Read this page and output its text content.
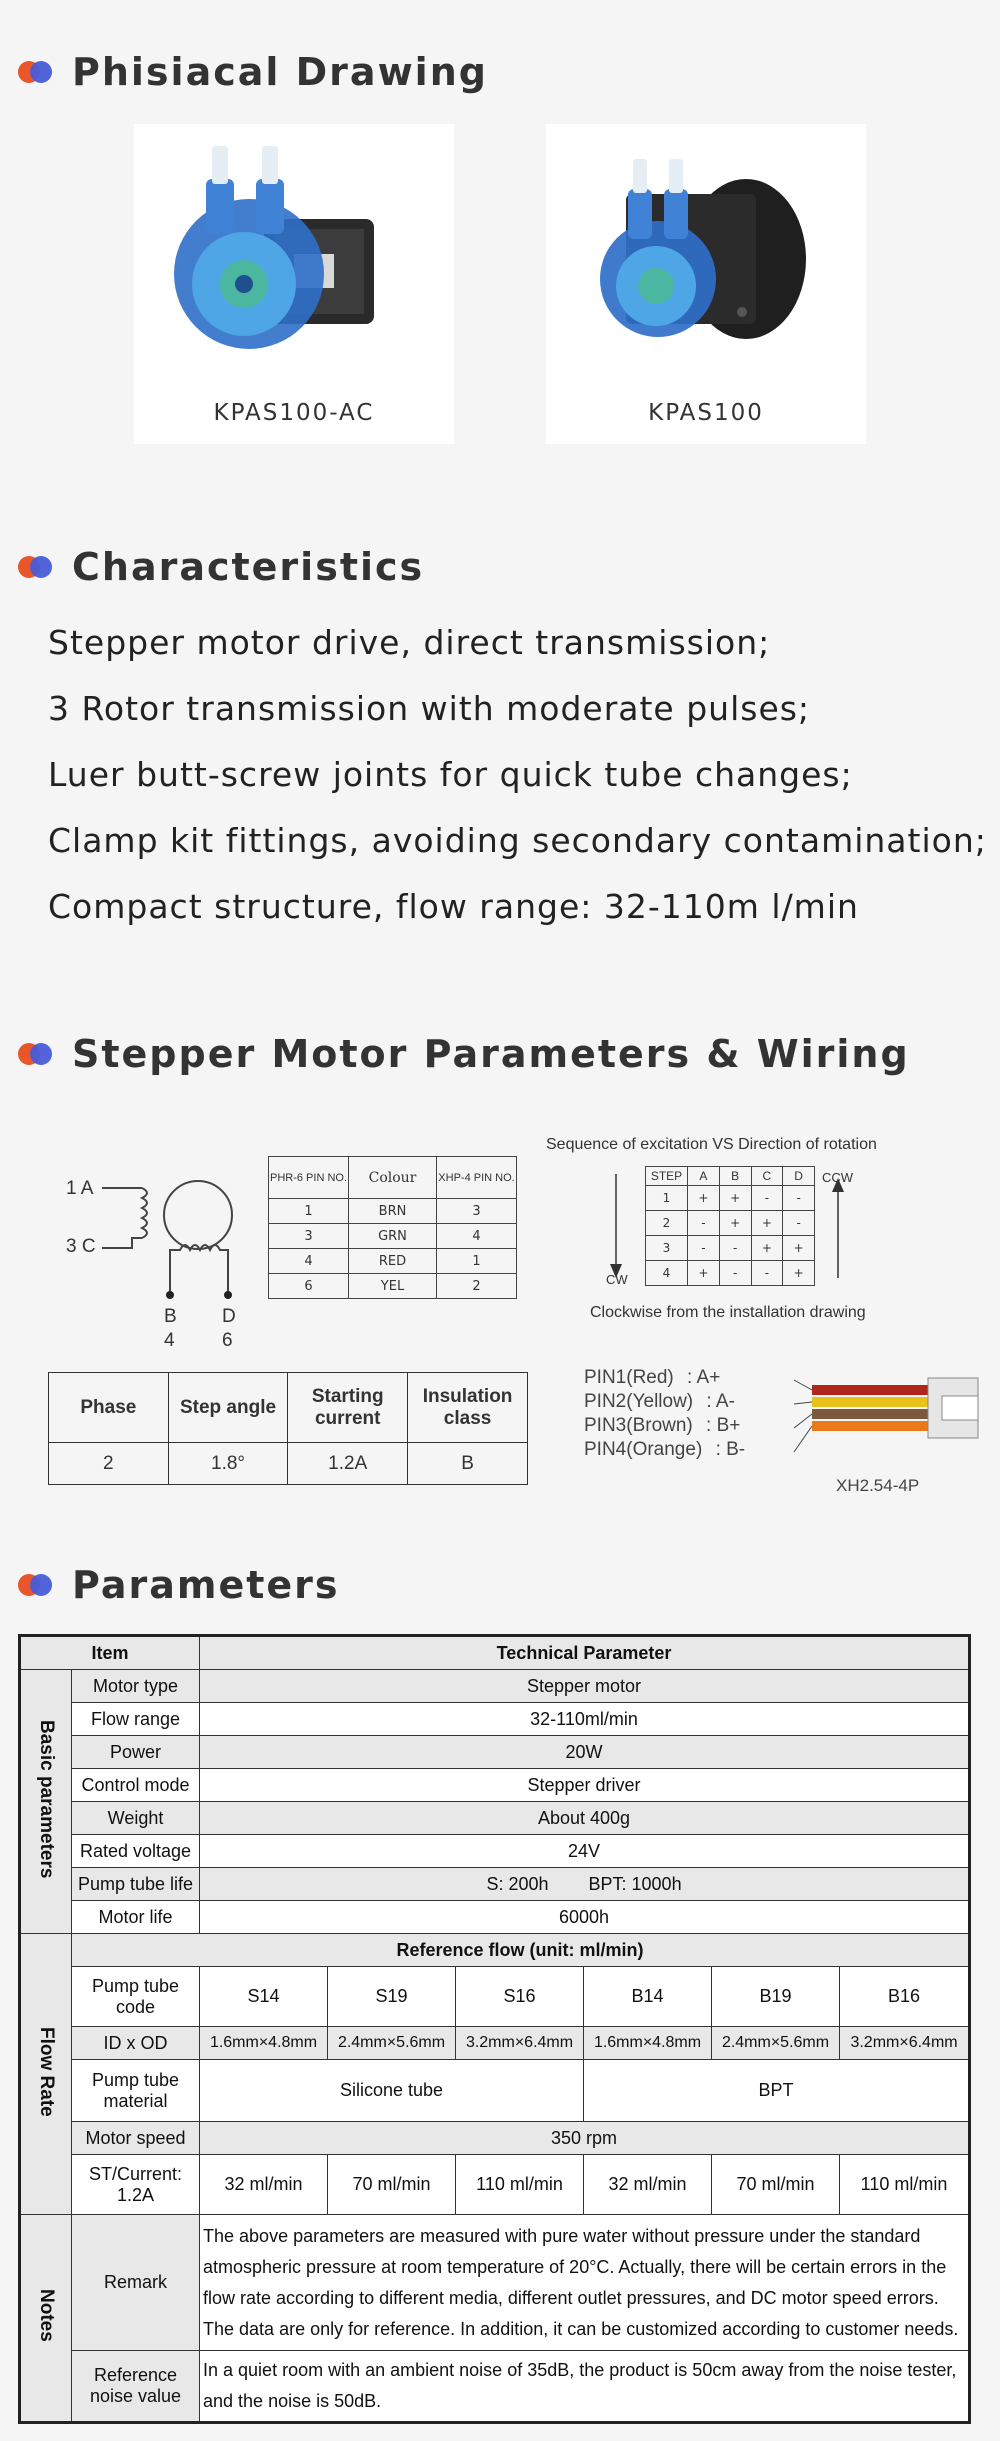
Phisiacal Drawing
KPAS100-AC	KPAS100
Characteristics
Stepper motor drive, direct transmission;
3 Rotor transmission with moderate pulses;
Luer butt-screw joints for quick tube changes;
Clamp kit fittings, avoiding secondary contamination;
Compact structure, flow range: 32-110m l/min
Stepper Motor Parameters & Wiring
1 A
3 C
B
4
D
6
PHR-6 PIN NO.	Colour	XHP-4 PIN NO.
1	BRN	3
3	GRN	4
4	RED	1
6	YEL	2
Sequence of excitation VS Direction of rotation
CCW
CW
STEP	A	B	C	D
1	+	+	-	-
2	-	+	+	-
3	-	-	+	+
4	+	-	-	+
Clockwise from the installation drawing
Phase	Step angle	Starting current	Insulation class
2	1.8°	1.2A	B
PIN1(Red) : A+
PIN2(Yellow) : A-
PIN3(Brown) : B+
PIN4(Orange) : B-
XH2.54-4P
Parameters
Item		Technical Parameter					
Basic parameters	Motor type	Stepper motor					
	Flow range	32-110ml/min					
	Power	20W					
	Control mode	Stepper driver					
	Weight	About 400g					
	Rated voltage	24V					
	Pump tube life	S: 200h        BPT: 1000h					
	Motor life	6000h					
Flow Rate	Reference flow (unit: ml/min)						
	Pump tube code	S14	S19	S16	B14	B19	B16
	ID x OD	1.6mm×4.8mm	2.4mm×5.6mm	3.2mm×6.4mm	1.6mm×4.8mm	2.4mm×5.6mm	3.2mm×6.4mm
	Pump tube material	Silicone tube			BPT		
	Motor speed	350 rpm					
	ST/Current: 1.2A	32 ml/min	70 ml/min	110 ml/min	32 ml/min	70 ml/min	110 ml/min
Notes	Remark	The above parameters are measured with pure water without pressure under the standard atmospheric pressure at room temperature of 20°C. Actually, there will be certain errors in the flow rate according to different media, different outlet pressures, and DC motor speed errors. The data are only for reference. In addition, it can be customized according to customer needs.					
	Reference noise value	In a quiet room with an ambient noise of 35dB, the product is 50cm away from the noise tester, and the noise is 50dB.					
